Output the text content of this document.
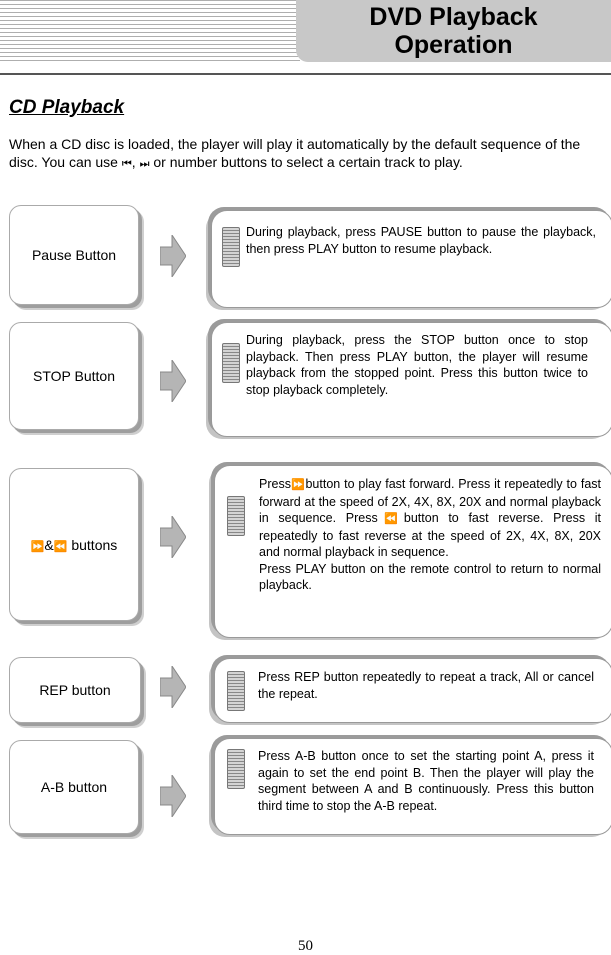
DVD Playback
Operation
CD Playback
When a CD disc is loaded, the player will play it automatically by the default sequence of the disc. You can use ⏮ , ⏭ or number buttons to select a certain track to play.
Pause Button
During playback, press PAUSE button to pause the playback, then press PLAY button to resume playback.
STOP Button
During playback, press the STOP button once to stop playback. Then press PLAY button, the player will resume playback from the stopped point. Press this button twice to stop playback completely.
⏩ &⏪ buttons
Press⏩ button to play fast forward. Press it repeatedly to fast forward at the speed of 2X, 4X, 8X, 20X and normal playback in sequence. Press⏪ button to fast reverse. Press it repeatedly to fast reverse at the speed of 2X, 4X, 8X, 20X and normal playback in sequence.
Press PLAY button on the remote control to return to normal playback.
REP button
Press REP button repeatedly to repeat a track, All or cancel the repeat.
A-B button
Press A-B button once to set the starting point A, press it again to set the end point B. Then the player will play the segment between A and B continuously. Press this button third time to stop the A-B repeat.
50
